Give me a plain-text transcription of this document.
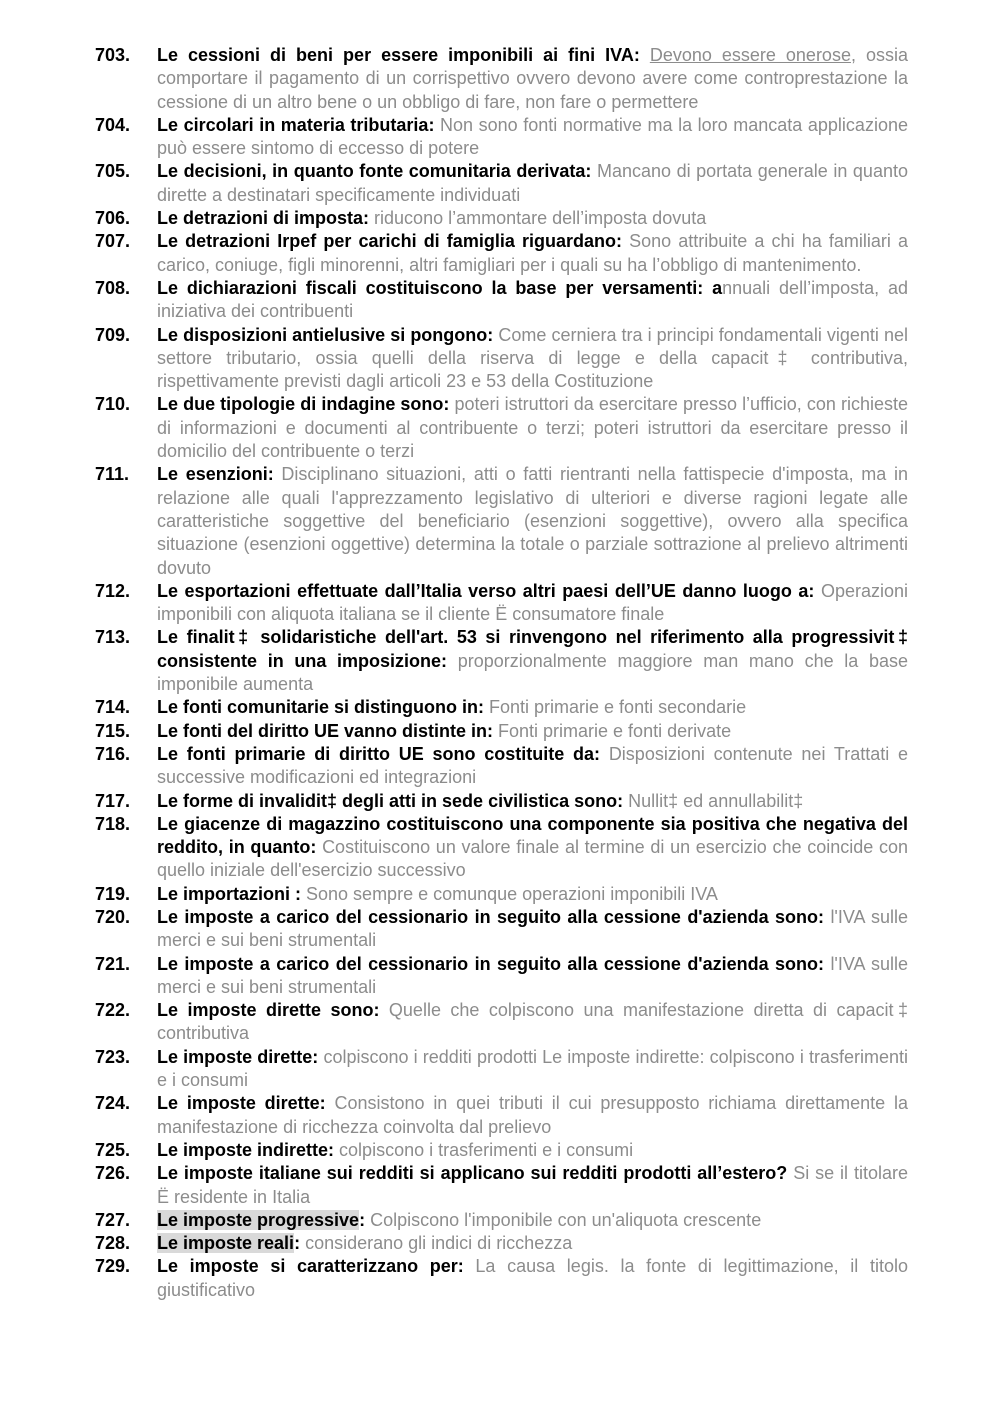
703.	Le cessioni di beni per essere imponibili ai fini IVA: Devono essere onerose, ossia comportare il pagamento di un corrispettivo ovvero devono avere come controprestazione la cessione di un altro bene o un obbligo di fare, non fare o permettere
704.	Le circolari in materia tributaria: Non sono fonti normative ma la loro mancata applicazione può essere sintomo di eccesso di potere
705.	Le decisioni, in quanto fonte comunitaria derivata: Mancano di portata generale in quanto dirette a destinatari specificamente individuati
706.	Le detrazioni di imposta: riducono l’ammontare dell’imposta dovuta
707.	Le detrazioni Irpef per carichi di famiglia riguardano: Sono attribuite a chi ha familiari a carico, coniuge, figli minorenni, altri famigliari per i quali su ha l’obbligo di mantenimento.
708.	Le dichiarazioni fiscali costituiscono la base per versamenti: annuali dell’imposta, ad iniziativa dei contribuenti
709.	Le disposizioni antielusive si pongono: Come cerniera tra i principi fondamentali vigenti nel settore tributario, ossia quelli della riserva di legge e della capacit‡ contributiva, rispettivamente previsti dagli articoli 23 e 53 della Costituzione
710.	Le due tipologie di indagine sono: poteri istruttori da esercitare presso l’ufficio, con richieste di informazioni e documenti al contribuente o terzi; poteri istruttori da esercitare presso il domicilio del contribuente o terzi
711.	Le esenzioni: Disciplinano situazioni, atti o fatti rientranti nella fattispecie d'imposta, ma in relazione alle quali l'apprezzamento legislativo di ulteriori e diverse ragioni legate alle caratteristiche soggettive del beneficiario (esenzioni soggettive), ovvero alla specifica situazione (esenzioni oggettive) determina la totale o parziale sottrazione al prelievo altrimenti dovuto
712.	Le esportazioni effettuate dall’Italia verso altri paesi dell’UE danno luogo a: Operazioni imponibili con aliquota italiana se il cliente Ë consumatore finale
713.	Le finalit‡ solidaristiche dell'art. 53 si rinvengono nel riferimento alla progressivit‡ consistente in una imposizione: proporzionalmente maggiore man mano che la base imponibile aumenta
714.	Le fonti comunitarie si distinguono in: Fonti primarie e fonti secondarie
715.	Le fonti del diritto UE vanno distinte in: Fonti primarie e fonti derivate
716.	Le fonti primarie di diritto UE sono costituite da: Disposizioni contenute nei Trattati e successive modificazioni ed integrazioni
717.	Le forme di invalidit‡ degli atti in sede civilistica sono: Nullit‡ ed annullabilit‡
718.	Le giacenze di magazzino costituiscono una componente sia positiva che negativa del reddito, in quanto: Costituiscono un valore finale al termine di un esercizio che coincide con quello iniziale dell'esercizio successivo
719.	Le importazioni : Sono sempre e comunque operazioni imponibili IVA
720.	Le imposte a carico del cessionario in seguito alla cessione d'azienda sono: l'IVA sulle merci e sui beni strumentali
721.	Le imposte a carico del cessionario in seguito alla cessione d'azienda sono: l'IVA sulle merci e sui beni strumentali
722.	Le imposte dirette sono: Quelle che colpiscono una manifestazione diretta di capacit‡ contributiva
723.	Le imposte dirette: colpiscono i redditi prodotti Le imposte indirette: colpiscono i trasferimenti e i consumi
724.	Le imposte dirette: Consistono in quei tributi il cui presupposto richiama direttamente la manifestazione di ricchezza coinvolta dal prelievo
725.	Le imposte indirette: colpiscono i trasferimenti e i consumi
726.	Le imposte italiane sui redditi si applicano sui redditi prodotti all’estero? Si se il titolare Ë residente in Italia
727.	Le imposte progressive: Colpiscono l'imponibile con un'aliquota crescente
728.	Le imposte reali: considerano gli indici di ricchezza
729.	Le imposte si caratterizzano per: La causa legis. la fonte di legittimazione, il titolo giustificativo
